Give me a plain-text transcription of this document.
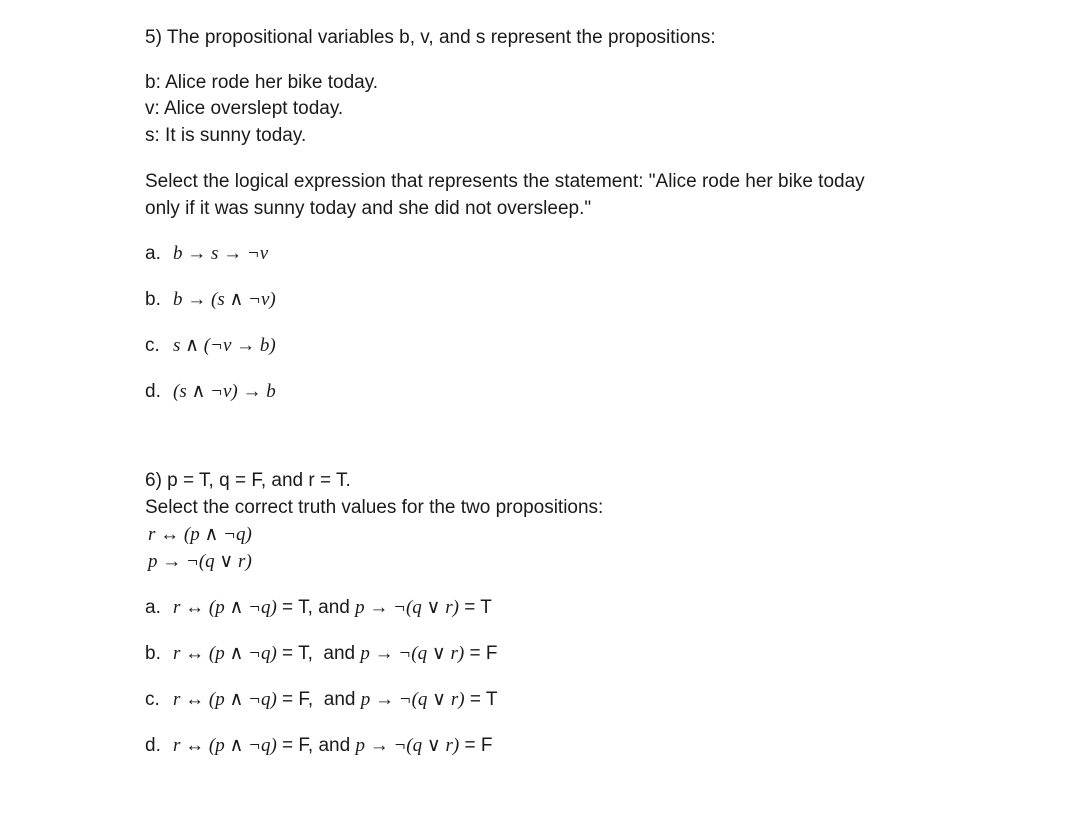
5) The propositional variables b, v, and s represent the propositions:
b: Alice rode her bike today.
v: Alice overslept today.
s: It is sunny today.
Select the logical expression that represents the statement: "Alice rode her bike today
only if it was sunny today and she did not oversleep."
a. b → s → ¬v
b. b → (s ∧ ¬v)
c. s ∧ (¬v → b)
d. (s ∧ ¬v) → b
6) p = T, q = F, and r = T.
Select the correct truth values for the two propositions:
r ↔ (p ∧ ¬q)
p → ¬(q ∨ r)
a. r ↔ (p ∧ ¬q) = T, and p → ¬(q ∨ r) = T
b. r ↔ (p ∧ ¬q) = T,  and p → ¬(q ∨ r) = F
c. r ↔ (p ∧ ¬q) = F,  and p → ¬(q ∨ r) = T
d. r ↔ (p ∧ ¬q) = F, and p → ¬(q ∨ r) = F
